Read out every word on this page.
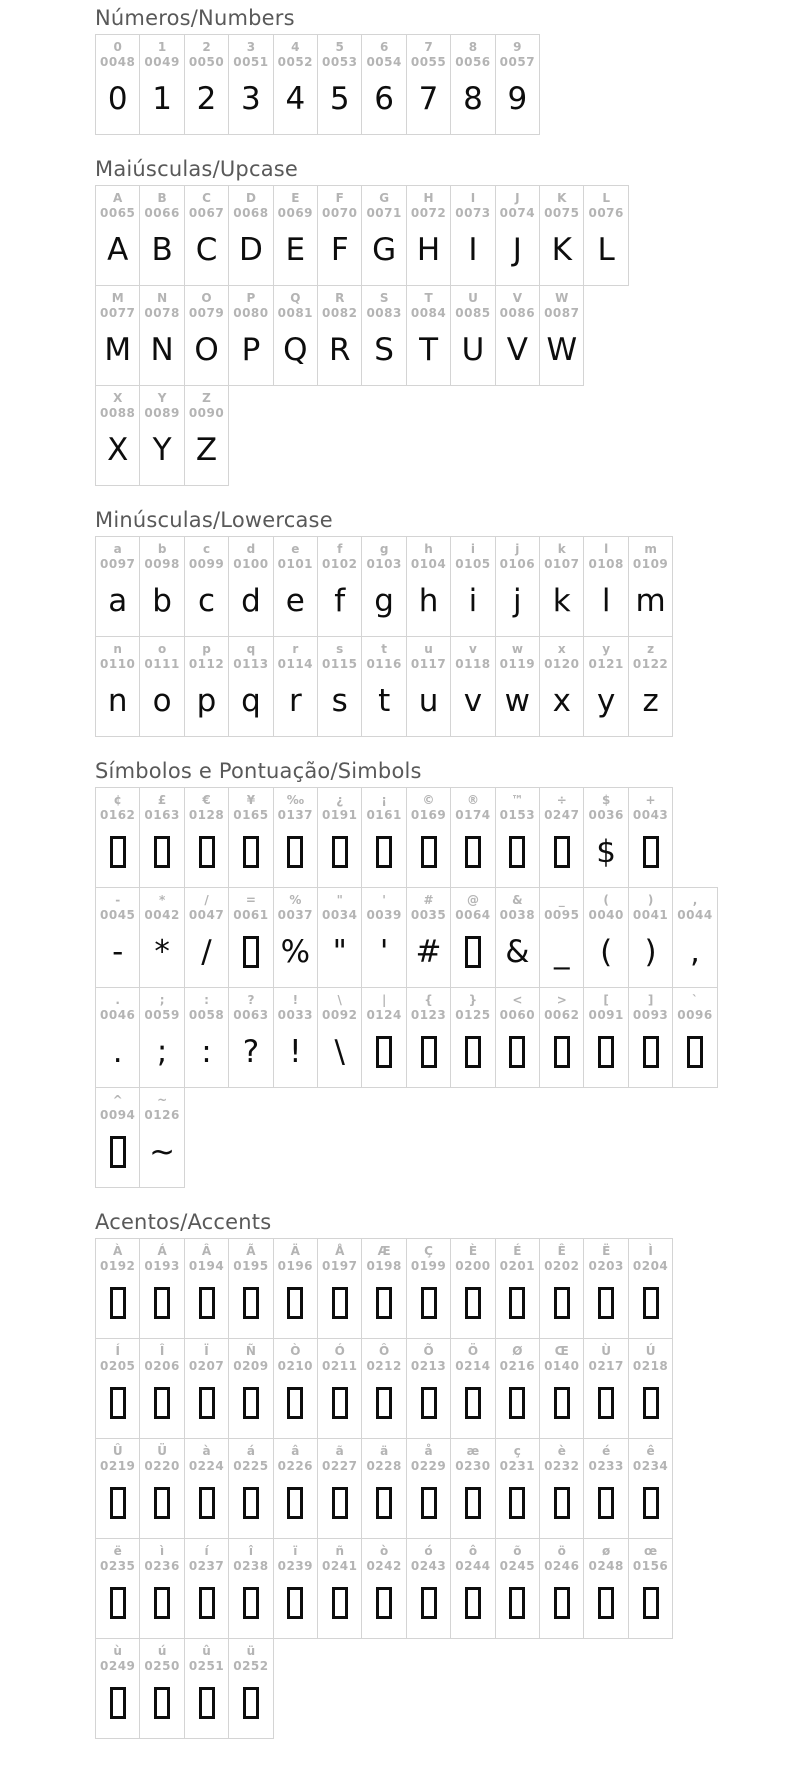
Números/Numbers
0
0048
0
1
0049
1
2
0050
2
3
0051
3
4
0052
4
5
0053
5
6
0054
6
7
0055
7
8
0056
8
9
0057
9
Maiúsculas/Upcase
A
0065
A
B
0066
B
C
0067
C
D
0068
D
E
0069
E
F
0070
F
G
0071
G
H
0072
H
I
0073
I
J
0074
J
K
0075
K
L
0076
L
M
0077
M
N
0078
N
O
0079
O
P
0080
P
Q
0081
Q
R
0082
R
S
0083
S
T
0084
T
U
0085
U
V
0086
V
W
0087
W
X
0088
X
Y
0089
Y
Z
0090
Z
Minúsculas/Lowercase
a
0097
a
b
0098
b
c
0099
c
d
0100
d
e
0101
e
f
0102
f
g
0103
g
h
0104
h
i
0105
i
j
0106
j
k
0107
k
l
0108
l
m
0109
m
n
0110
n
o
0111
o
p
0112
p
q
0113
q
r
0114
r
s
0115
s
t
0116
t
u
0117
u
v
0118
v
w
0119
w
x
0120
x
y
0121
y
z
0122
z
Símbolos e Pontuação/Simbols
¢
0162
£
0163
€
0128
¥
0165
‰
0137
¿
0191
¡
0161
©
0169
®
0174
™
0153
÷
0247
$
0036
$
+
0043
-
0045
-
*
0042
*
/
0047
/
=
0061
%
0037
%
"
0034
"
'
0039
'
#
0035
#
@
0064
&
0038
&
_
0095
_
(
0040
(
)
0041
)
,
0044
,
.
0046
.
;
0059
;
:
0058
:
?
0063
?
!
0033
!
\
0092
\
|
0124
{
0123
}
0125
<
0060
>
0062
[
0091
]
0093
`
0096
^
0094
~
0126
~
Acentos/Accents
À
0192
Á
0193
Â
0194
Ã
0195
Ä
0196
Å
0197
Æ
0198
Ç
0199
È
0200
É
0201
Ê
0202
Ë
0203
Ì
0204
Í
0205
Î
0206
Ï
0207
Ñ
0209
Ò
0210
Ó
0211
Ô
0212
Õ
0213
Ö
0214
Ø
0216
Œ
0140
Ù
0217
Ú
0218
Û
0219
Ü
0220
à
0224
á
0225
â
0226
ã
0227
ä
0228
å
0229
æ
0230
ç
0231
è
0232
é
0233
ê
0234
ë
0235
ì
0236
í
0237
î
0238
ï
0239
ñ
0241
ò
0242
ó
0243
ô
0244
õ
0245
ö
0246
ø
0248
œ
0156
ù
0249
ú
0250
û
0251
ü
0252
